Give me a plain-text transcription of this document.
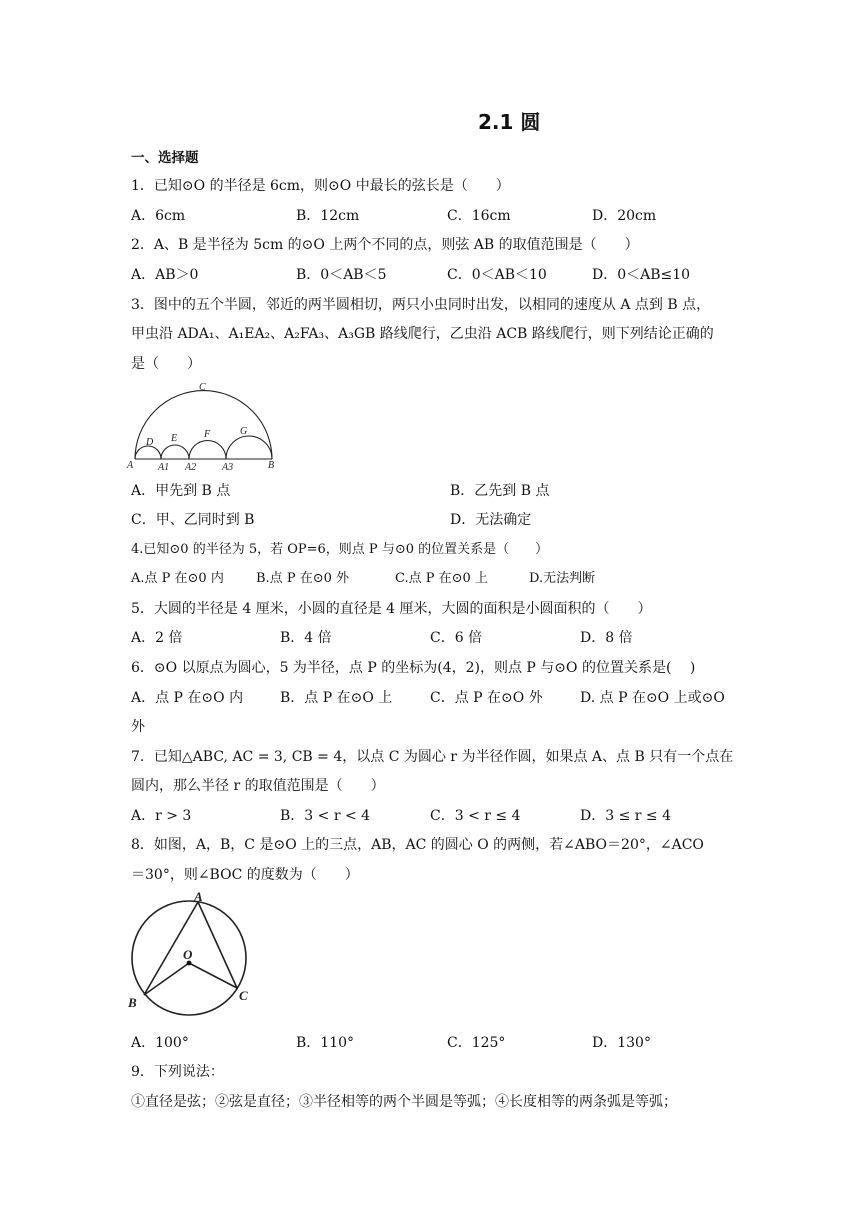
2.1 圆
一、选择题
1．已知⊙O 的半径是 6cm，则⊙O 中最长的弦长是（　　）
A．6cm	B．12cm	C．16cm	D．20cm
2．A、B 是半径为 5cm 的⊙O 上两个不同的点，则弦 AB 的取值范围是（　　）
A．AB＞0	B．0＜AB＜5	C．0＜AB＜10	D．0＜AB≤10
3．图中的五个半圆，邻近的两半圆相切，两只小虫同时出发，以相同的速度从 A 点到 B 点，
甲虫沿 ADA₁、A₁EA₂、A₂FA₃、A₃GB 路线爬行，乙虫沿 ACB 路线爬行，则下列结论正确的
是（　　）
A A1 A2	A3	B
C
D E	F	G
A．甲先到 B 点	B．乙先到 B 点
C．甲、乙同时到 B	D．无法确定
4.已知⊙0 的半径为 5，若 OP=6，则点 P 与⊙0 的位置关系是（　　）
A.点 P 在⊙0 内 B.点 P 在⊙0 外	C.点 P 在⊙0 上	D.无法判断
5．大圆的半径是 4 厘米，小圆的直径是 4 厘米，大圆的面积是小圆面积的（　　）
A．2 倍	B．4 倍	C．6 倍	D．8 倍
6．⊙O 以原点为圆心，5 为半径，点 P 的坐标为(4，2)，则点 P 与⊙O 的位置关系是(　 )
A．点 P 在⊙O 内	B．点 P 在⊙O 上	C．点 P 在⊙O 外	D. 点 P 在⊙O 上或⊙O
外
7．已知△ABC, AC = 3, CB = 4，以点 C 为圆心 r 为半径作圆，如果点 A、点 B 只有一个点在
圆内，那么半径 r 的取值范围是（　　）
A．r > 3	B．3 < r < 4	C．3 < r ≤ 4	D．3 ≤ r ≤ 4
8．如图，A，B，C 是⊙O 上的三点，AB，AC 的圆心 O 的两侧，若∠ABO＝20°，∠ACO
＝30°，则∠BOC 的度数为（　　）
A
B	C
O
A．100°	B．110°	C．125°	D．130°
9．下列说法：
①直径是弦；②弦是直径；③半径相等的两个半圆是等弧；④长度相等的两条弧是等弧；
